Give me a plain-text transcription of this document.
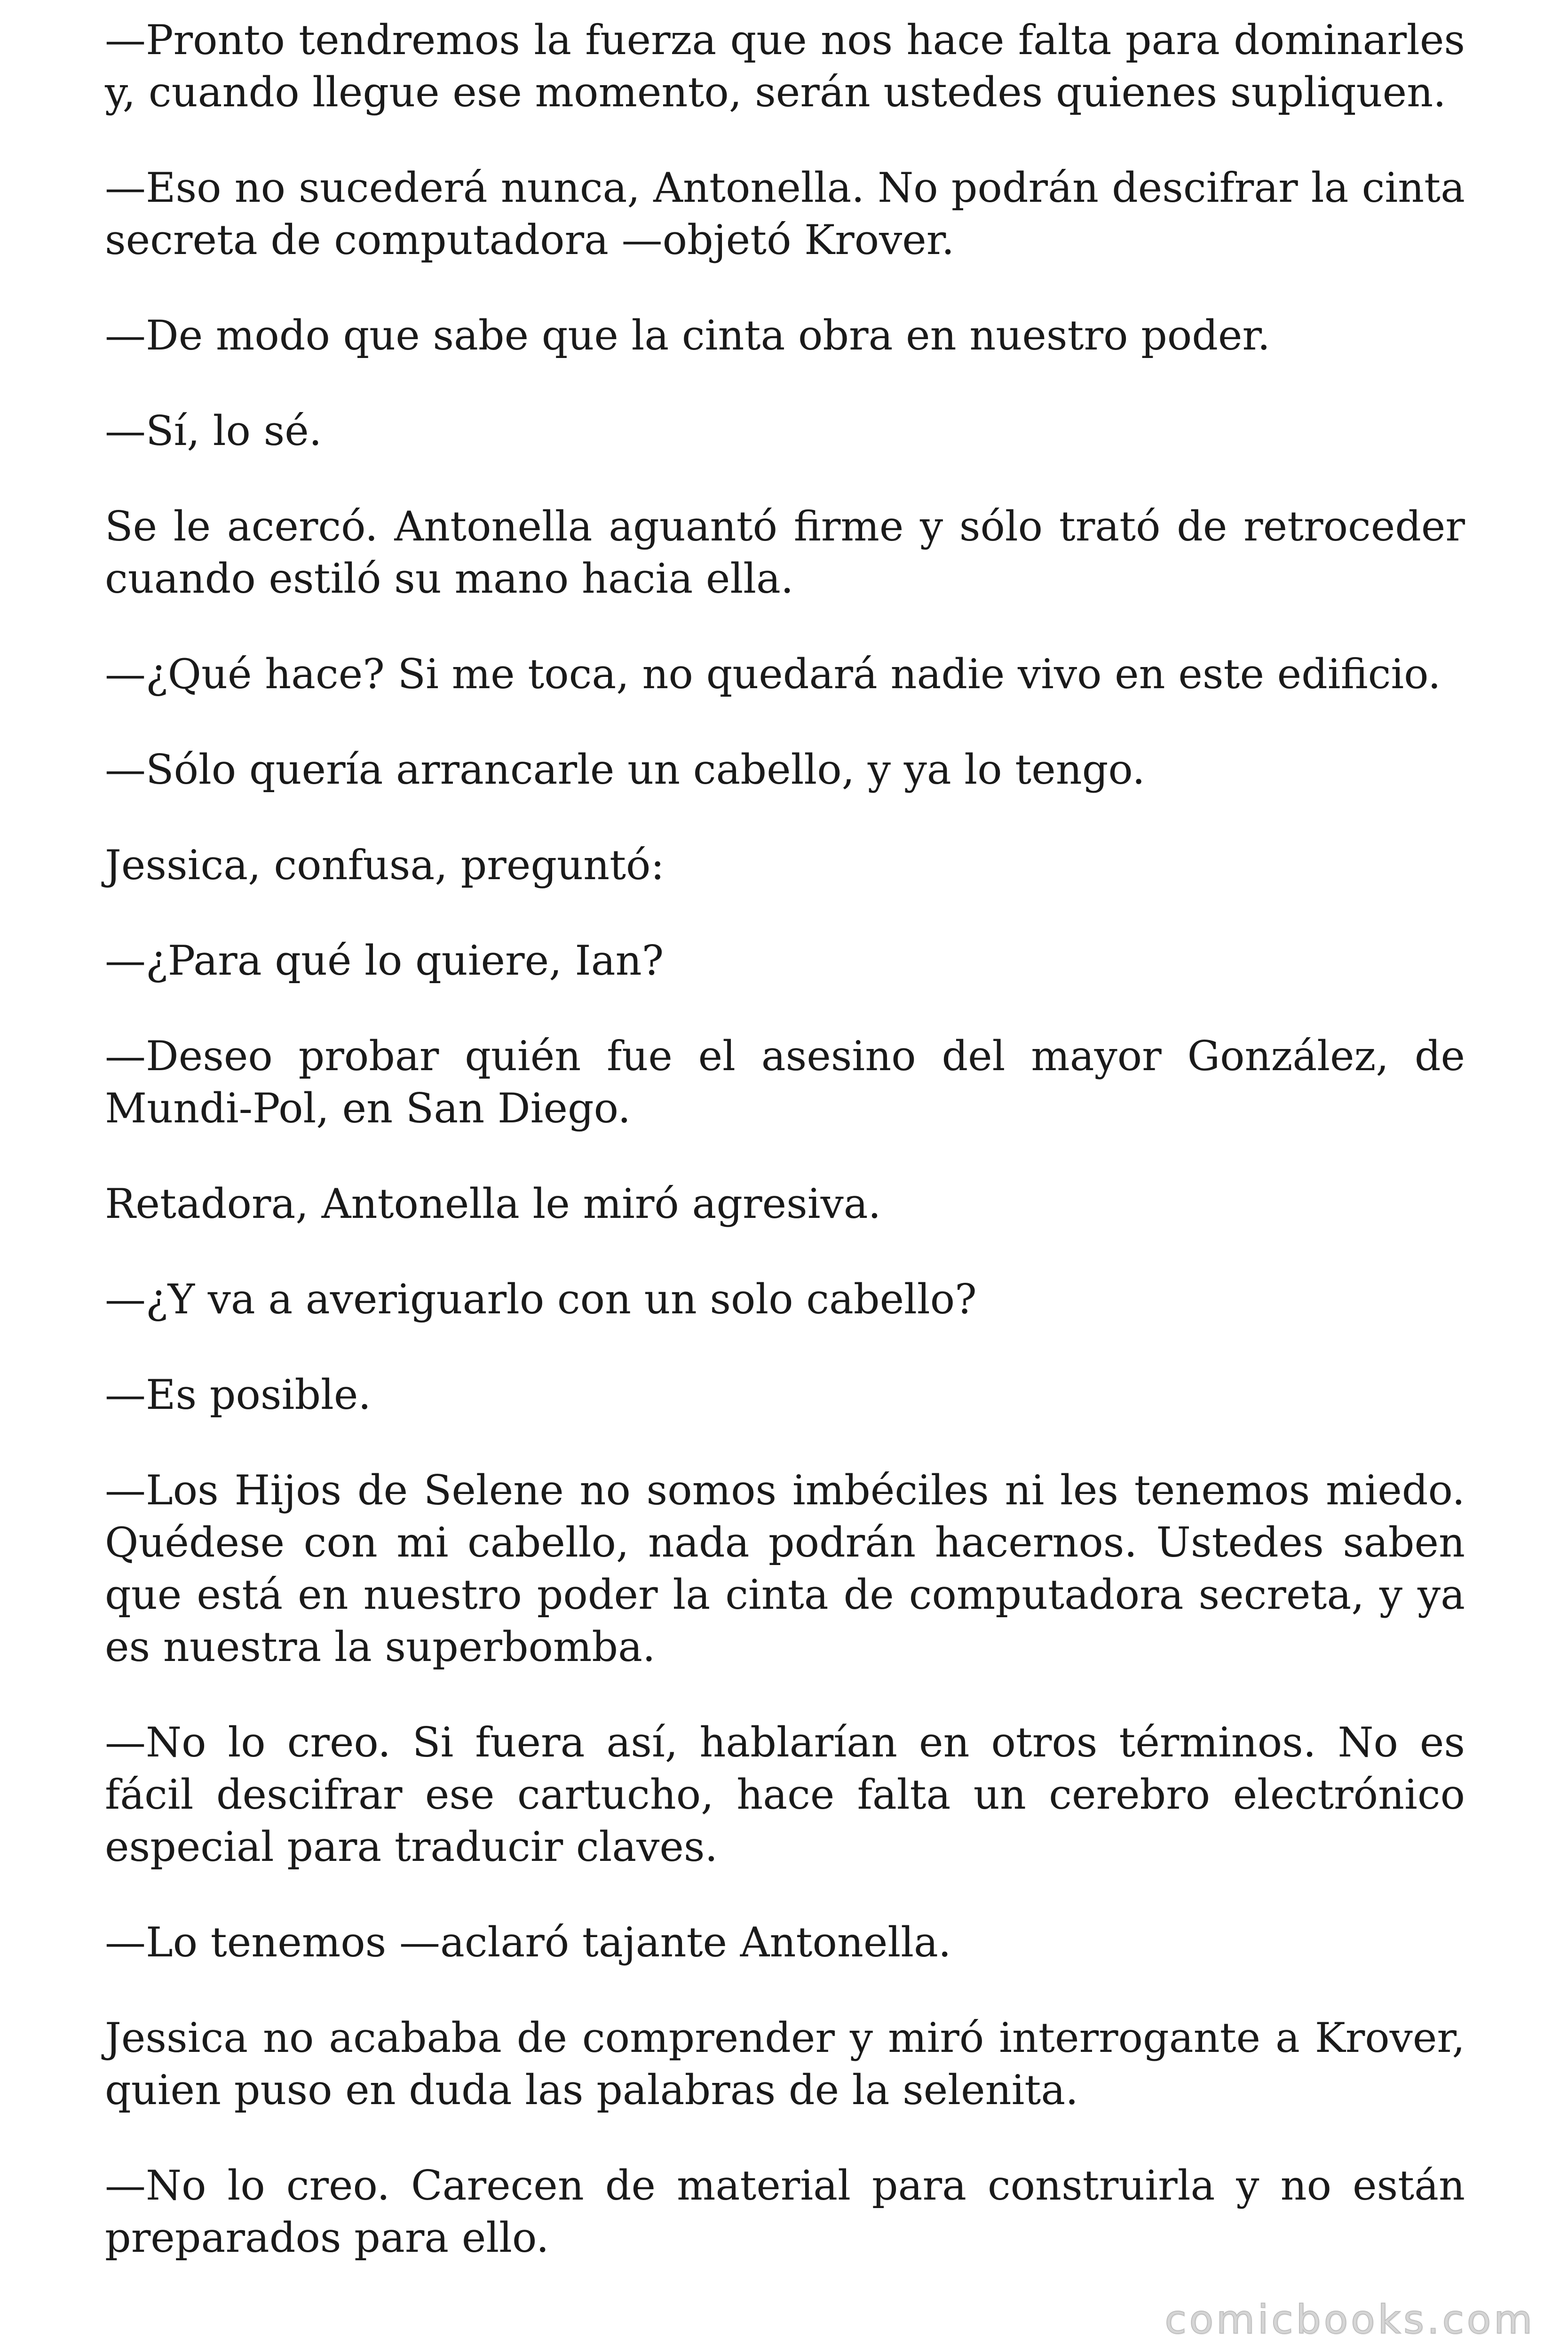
—Pronto tendremos la fuerza que nos hace falta para dominarles y, cuando llegue ese momento, serán ustedes quienes supliquen.

—Eso no sucederá nunca, Antonella. No podrán descifrar la cinta secreta de computadora —objetó Krover.

—De modo que sabe que la cinta obra en nuestro poder.

—Sí, lo sé.

Se le acercó. Antonella aguantó firme y sólo trató de retroceder cuando estiló su mano hacia ella.

—¿Qué hace? Si me toca, no quedará nadie vivo en este edificio.

—Sólo quería arrancarle un cabello, y ya lo tengo.

Jessica, confusa, preguntó:

—¿Para qué lo quiere, Ian?

—Deseo probar quién fue el asesino del mayor González, de Mundi-Pol, en San Diego.

Retadora, Antonella le miró agresiva.

—¿Y va a averiguarlo con un solo cabello?

—Es posible.

—Los Hijos de Selene no somos imbéciles ni les tenemos miedo. Quédese con mi cabello, nada podrán hacernos. Ustedes saben que está en nuestro poder la cinta de computadora secreta, y ya es nuestra la superbomba.

—No lo creo. Si fuera así, hablarían en otros términos. No es fácil descifrar ese cartucho, hace falta un cerebro electrónico especial para traducir claves.

—Lo tenemos —aclaró tajante Antonella.

Jessica no acababa de comprender y miró interrogante a Krover, quien puso en duda las palabras de la selenita.

—No lo creo. Carecen de material para construirla y no están preparados para ello.

comicbooks.com
